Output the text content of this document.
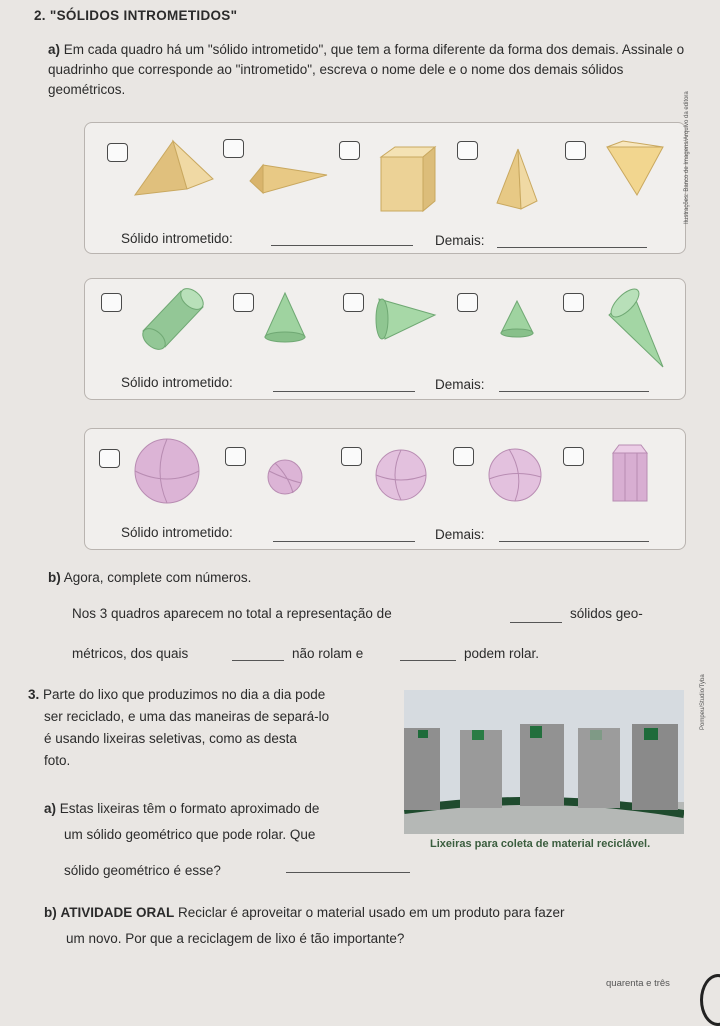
2. "SÓLIDOS INTROMETIDOS"
a) Em cada quadro há um "sólido intrometido", que tem a forma diferente da forma dos demais. Assinale o quadrinho que corresponde ao "intrometido", escreva o nome dele e o nome dos demais sólidos geométricos.
Sólido intrometido:	Demais:
Ilustrações: Banco de Imagens/Arquivo da editora
Sólido intrometido:	Demais:
Sólido intrometido:	Demais:
b) Agora, complete com números.
Nos 3 quadros aparecem no total a representação de	sólidos geo-
métricos, dos quais	não rolam e	podem rolar.
3. Parte do lixo que produzimos no dia a dia pode
ser reciclado, e uma das maneiras de separá-lo
é usando lixeiras seletivas, como as desta
foto.
a) Estas lixeiras têm o formato aproximado de
um sólido geométrico que pode rolar. Que
sólido geométrico é esse?
Pompeu/Studio/Tyba
Lixeiras para coleta de material reciclável.
b) ATIVIDADE ORAL Reciclar é aproveitar o material usado em um produto para fazer
um novo. Por que a reciclagem de lixo é tão importante?
quarenta e três
